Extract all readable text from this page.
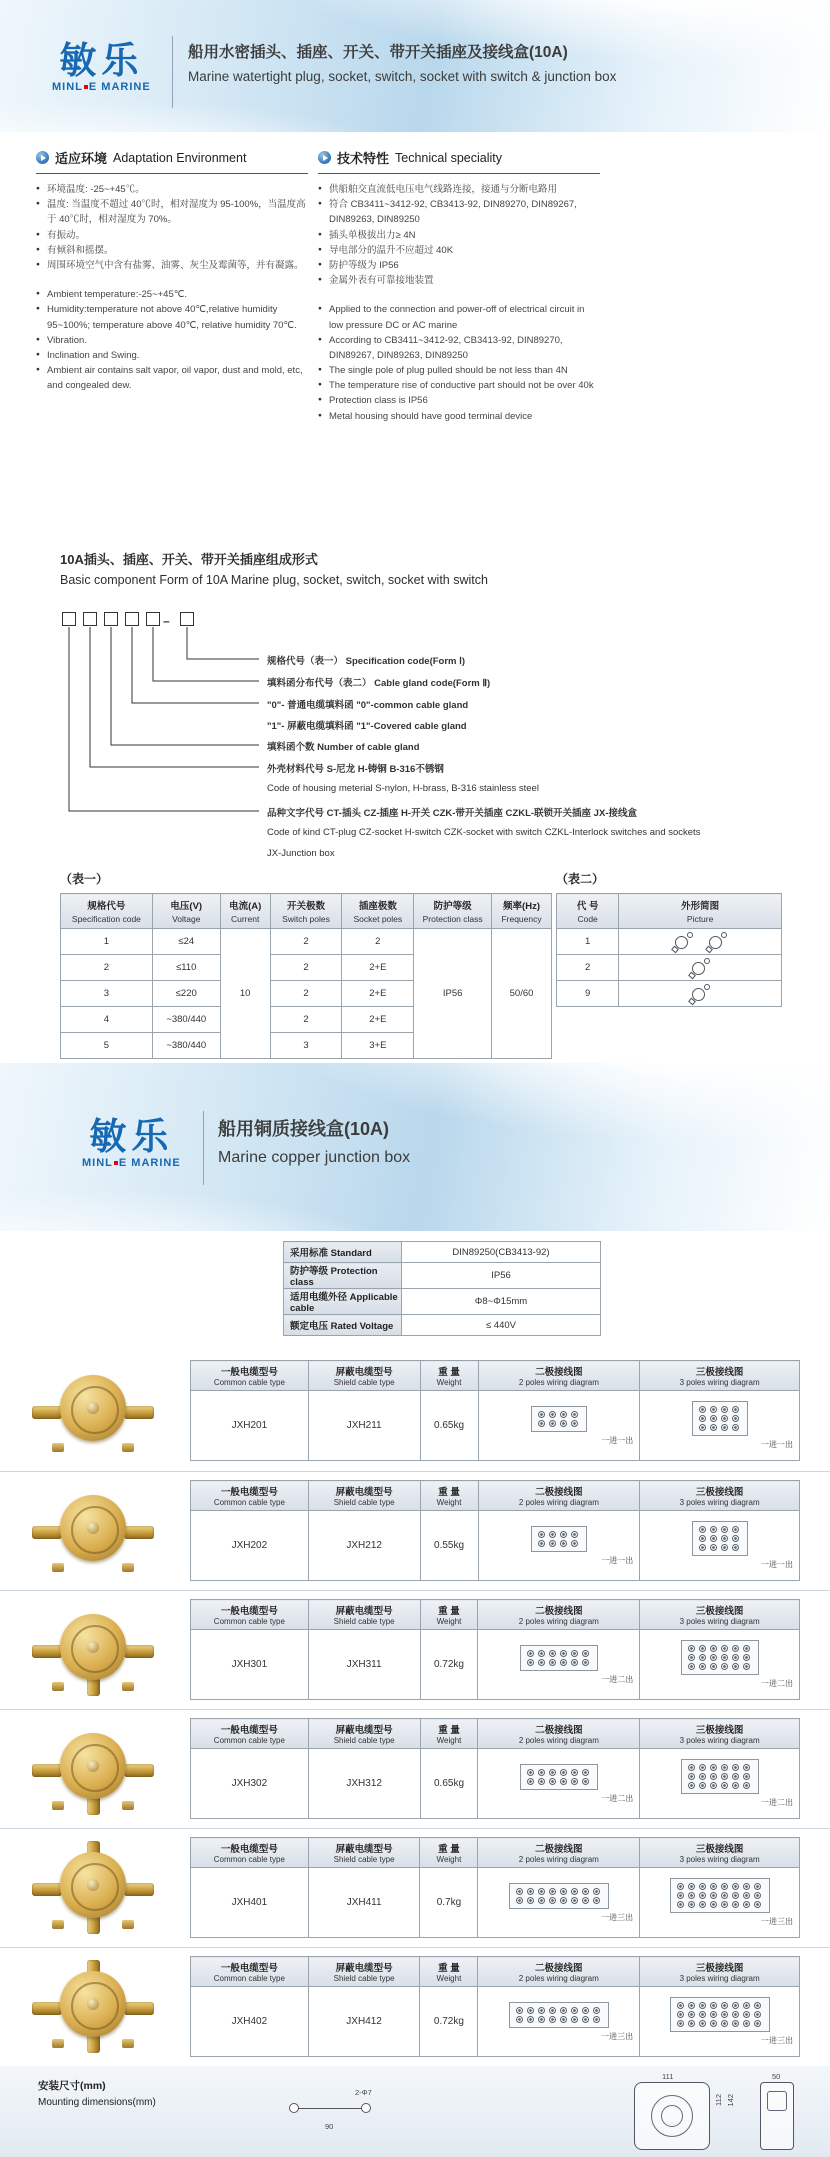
敏乐
MINL E MARINE
船用水密插头、插座、开关、带开关插座及接线盒(10A)
Marine watertight plug, socket, switch, socket with switch & junction box
适应环境 Adaptation Environment
● 环境温度: -25~+45℃。
● 温度: 当温度不超过 40℃时，相对湿度为 95-100%，当温度高于 40℃时，相对湿度为 70%。
● 有振动。
● 有倾斜和摇摆。
● 周围环境空气中含有盐雾、油雾、灰尘及霉菌等，并有凝露。
● Ambient temperature:-25~+45℃.
● Humidity:temperature not above 40℃,relative humidity 95~100%; temperature above 40℃, relative humidity 70℃.
● Vibration.
● Inclination and Swing.
● Ambient air contains salt vapor, oil vapor, dust and mold, etc, and congealed dew.
技术特性 Technical speciality
● 供船舶交直流低电压电气线路连接，接通与分断电路用
● 符合 CB3411~3412-92, CB3413-92, DIN89270, DIN89267, DIN89263, DIN89250
● 插头单极拔出力≥ 4N
● 导电部分的温升不应超过 40K
● 防护等级为 IP56
● 金属外表有可靠接地装置
● Applied to the connection and power-off of electrical circuit in low pressure DC or AC marine
● According to CB3411~3412-92, CB3413-92, DIN89270, DIN89267, DIN89263, DIN89250
● The single pole of plug pulled should be not less than 4N
● The temperature rise of conductive part should not be over 40k
● Protection class is IP56
● Metal housing should have good terminal device
10A插头、插座、开关、带开关插座组成形式
Basic component Form of 10A Marine plug, socket, switch, socket with switch
–
规格代号（表一） Specification code(Form Ⅰ)
填料函分布代号（表二） Cable gland code(Form Ⅱ)
"0"- 普通电缆填料函 "0"-common cable gland
"1"- 屏蔽电缆填料函 "1"-Covered cable gland
填料函个数 Number of cable gland
外壳材料代号 S-尼龙 H-铸铜 B-316不锈钢
Code of housing meterial S-nylon, H-brass, B-316 stainless steel
品种文字代号 CT-插头 CZ-插座 H-开关 CZK-带开关插座 CZKL-联锁开关插座 JX-接线盒
Code of kind CT-plug CZ-socket H-switch CZK-socket with switch CZKL-Interlock switches and sockets
JX-Junction box
（表一）
规格代号
Specification code	电压(V)
Voltage	电流(A)
Current	开关极数
Switch poles	插座极数
Socket poles	防护等级
Protection class	频率(Hz)
Frequency

1	≤24	10	2	2	IP56	50/60
2	≤110		2	2+E		
3	≤220		2	2+E		
4	~380/440		2	2+E		
5	~380/440		3	3+E		
（表二）
代 号
Code	外形简图
Picture

1	

2	

9	
敏乐
MINL E MARINE
船用铜质接线盒(10A)
Marine copper junction box
采用标准 Standard	DIN89250(CB3413-92)
防护等级 Protection class	IP56
适用电缆外径 Applicable cable	Φ8~Φ15mm
额定电压 Rated Voltage	≤ 440V
一般电缆型号
Common cable type	屏蔽电缆型号
Shield cable type	重 量
Weight	二极接线图
2 poles wiring diagram	三极接线图
3 poles wiring diagram

JXH201	JXH211	0.65kg	一进一出	一进一出
一般电缆型号
Common cable type	屏蔽电缆型号
Shield cable type	重 量
Weight	二极接线图
2 poles wiring diagram	三极接线图
3 poles wiring diagram

JXH202	JXH212	0.55kg	一进一出	一进一出
一般电缆型号
Common cable type	屏蔽电缆型号
Shield cable type	重 量
Weight	二极接线图
2 poles wiring diagram	三极接线图
3 poles wiring diagram

JXH301	JXH311	0.72kg	一进二出	一进二出
一般电缆型号
Common cable type	屏蔽电缆型号
Shield cable type	重 量
Weight	二极接线图
2 poles wiring diagram	三极接线图
3 poles wiring diagram

JXH302	JXH312	0.65kg	一进二出	一进二出
一般电缆型号
Common cable type	屏蔽电缆型号
Shield cable type	重 量
Weight	二极接线图
2 poles wiring diagram	三极接线图
3 poles wiring diagram

JXH401	JXH411	0.7kg	一进三出	一进三出
一般电缆型号
Common cable type	屏蔽电缆型号
Shield cable type	重 量
Weight	二极接线图
2 poles wiring diagram	三极接线图
3 poles wiring diagram

JXH402	JXH412	0.72kg	一进三出	一进三出
安装尺寸(mm)
Mounting dimensions(mm)
90
2-Φ7
111
112 142
50
